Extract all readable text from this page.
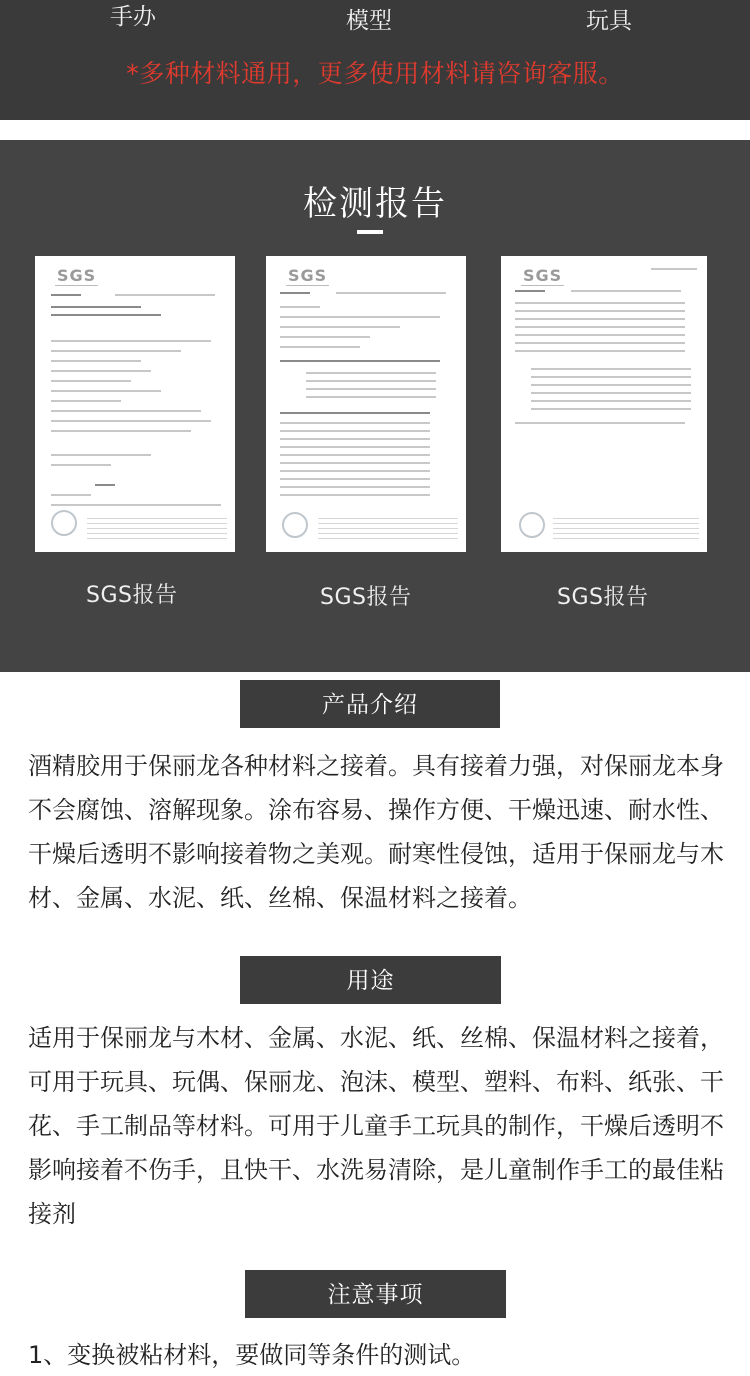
手办	模型	玩具
*多种材料通用，更多使用材料请咨询客服。
检测报告
SGS	SGS	SGS
SGS报告	SGS报告	SGS报告
产品介绍
酒精胶用于保丽龙各种材料之接着。具有接着力强，对保丽龙本身不会腐蚀、溶解现象。涂布容易、操作方便、干燥迅速、耐水性、干燥后透明不影响接着物之美观。耐寒性侵蚀，适用于保丽龙与木材、金属、水泥、纸、丝棉、保温材料之接着。
用途
适用于保丽龙与木材、金属、水泥、纸、丝棉、保温材料之接着，可用于玩具、玩偶、保丽龙、泡沫、模型、塑料、布料、纸张、干花、手工制品等材料。可用于儿童手工玩具的制作，干燥后透明不影响接着不伤手，且快干、水洗易清除，是儿童制作手工的最佳粘接剂
注意事项
1、变换被粘材料，要做同等条件的测试。
